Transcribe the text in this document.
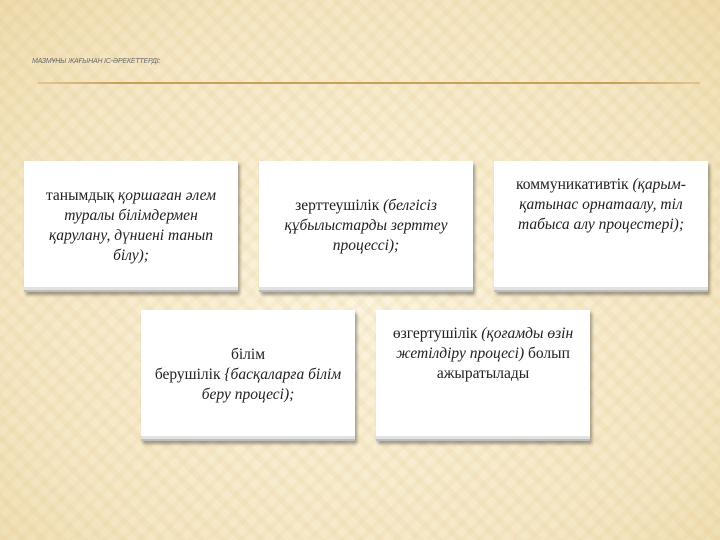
МАЗМҰНЫ ЖАҒЫНАН ІС-ӘРЕКЕТТЕРДІ:
танымдық қоршаған әлем туралы білімдермен қарулану, дүниені танып білу);
зерттеушілік (белгісіз құбылыстарды зерттеу процессі);
коммуникативтік (қарым-қатынас орнатаалу, тіл табыса алу процестері);
білім
берушілік {басқаларға білім беру процесі);
өзгертушілік (қоғамды өзін жетілдіру процесі) болып ажыратылады
